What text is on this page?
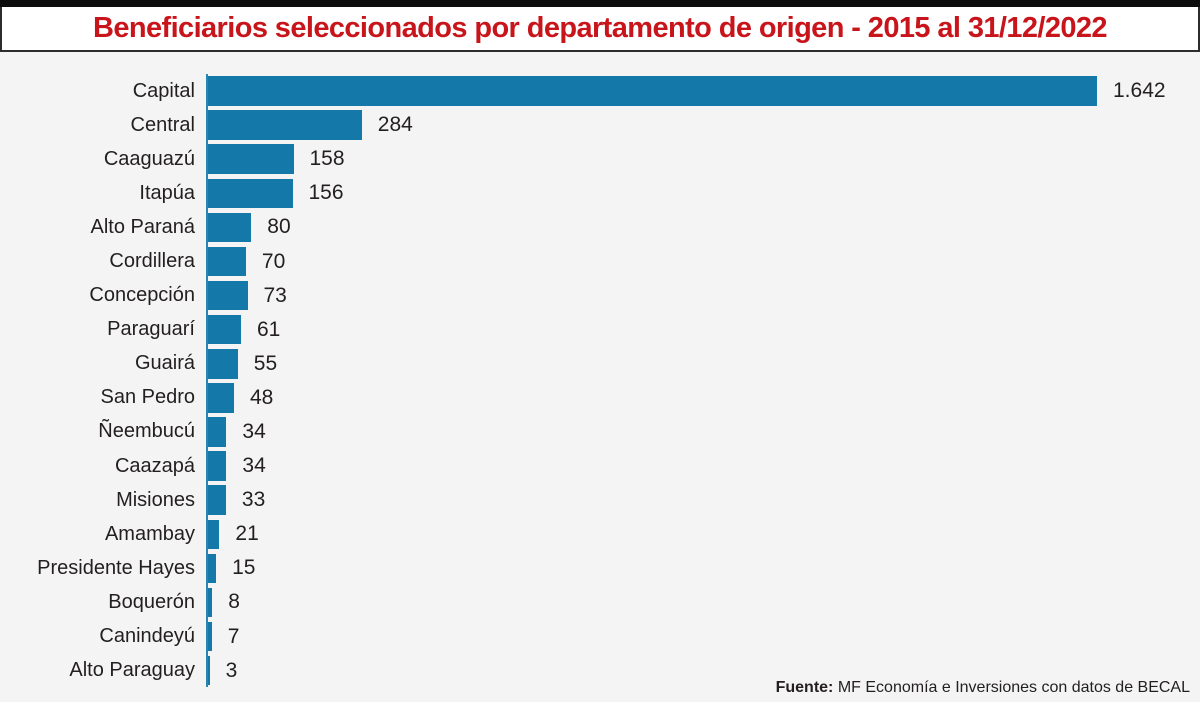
Beneficiarios seleccionados por departamento de origen - 2015 al 31/12/2022
Capital	1.642
Central	284
Caaguazú	158
Itapúa	156
Alto Paraná	80
Cordillera	70
Concepción	73
Paraguarí	61
Guairá	55
San Pedro	48
Ñeembucú	34
Caazapá	34
Misiones	33
Amambay	21
Presidente Hayes	15
Boquerón	8
Canindeyú	7
Alto Paraguay	3
Fuente: MF Economía e Inversiones con datos de BECAL
